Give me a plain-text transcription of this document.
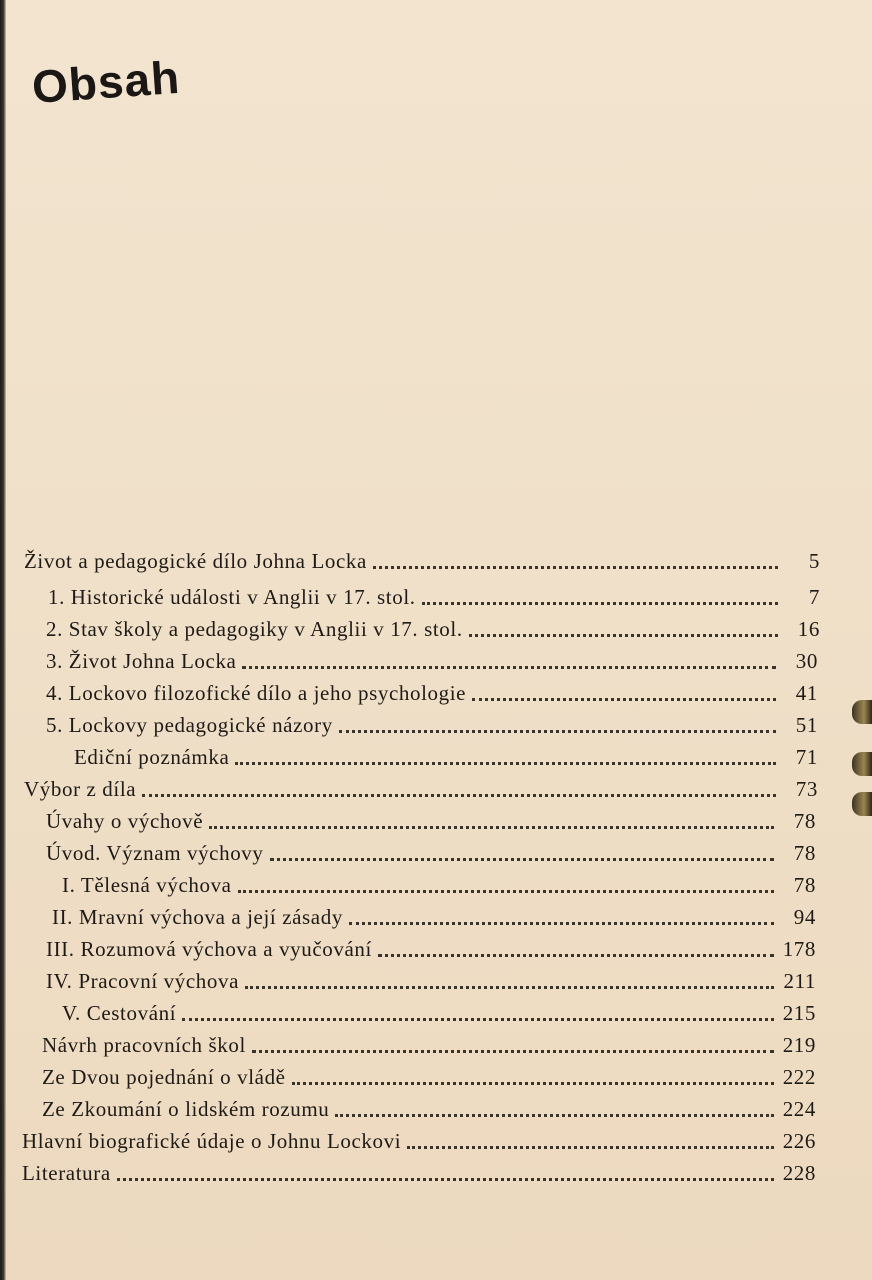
Obsah
Život a pedagogické dílo Johna Locka	5
1. Historické události v Anglii v 17. stol.	7
2. Stav školy a pedagogiky v Anglii v 17. stol.	16
3. Život Johna Locka	30
4. Lockovo filozofické dílo a jeho psychologie	41
5. Lockovy pedagogické názory	51
Ediční poznámka	71
Výbor z díla	73
Úvahy o výchově	78
Úvod. Význam výchovy	78
I. Tělesná výchova	78
II. Mravní výchova a její zásady	94
III. Rozumová výchova a vyučování	178
IV. Pracovní výchova	211
V. Cestování	215
Návrh pracovních škol	219
Ze Dvou pojednání o vládě	222
Ze Zkoumání o lidském rozumu	224
Hlavní biografické údaje o Johnu Lockovi	226
Literatura	228
